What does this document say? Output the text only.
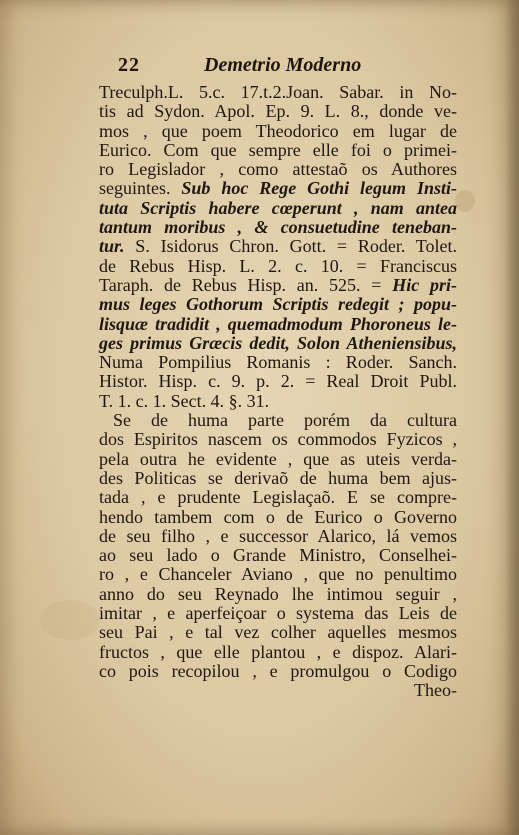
22	Demetrio Moderno
Treculph.L. 5.c. 17.t.2.Joan. Sabar. in No-
tis ad Sydon. Apol. Ep. 9. L. 8., donde ve-
mos , que poem Theodorico em lugar de
Eurico. Com que sempre elle foi o primei-
ro Legislador , como attestaõ os Authores
seguintes. Sub hoc Rege Gothi legum Insti-
tuta Scriptis habere cœperunt , nam antea
tantum moribus , & consuetudine teneban-
tur. S. Isidorus Chron. Gott. = Roder. Tolet.
de Rebus Hisp. L. 2. c. 10. = Franciscus
Taraph. de Rebus Hisp. an. 525. = Hic pri-
mus leges Gothorum Scriptis redegit ; popu-
lisquæ tradidit , quemadmodum Phoroneus le-
ges primus Græcis dedit, Solon Atheniensibus,
Numa Pompilius Romanis : Roder. Sanch.
Histor. Hisp. c. 9. p. 2. = Real Droit Publ.
T. 1. c. 1. Sect. 4. §. 31.
Se de huma parte porém da cultura
dos Espiritos nascem os commodos Fyzicos ,
pela outra he evidente , que as uteis verda-
des Politicas se derivaõ de huma bem ajus-
tada , e prudente Legislaçaõ. E se compre-
hendo tambem com o de Eurico o Governo
de seu filho , e successor Alarico, lá vemos
ao seu lado o Grande Ministro, Conselhei-
ro , e Chanceler Aviano , que no penultimo
anno do seu Reynado lhe intimou seguir ,
imitar , e aperfeiçoar o systema das Leis de
seu Pai , e tal vez colher aquelles mesmos
fructos , que elle plantou , e dispoz. Alari-
co pois recopilou , e promulgou o Codigo
Theo-
